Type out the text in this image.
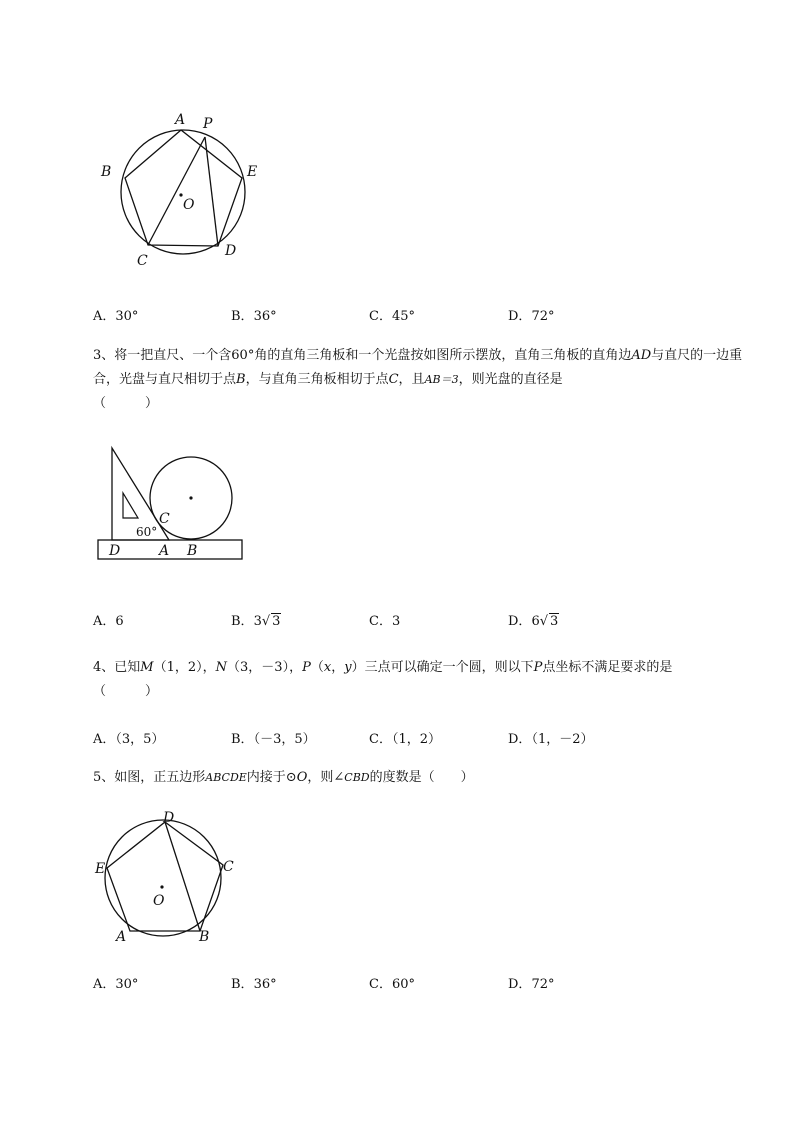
A P
B	E
O
C
D
A．30°	B．36°	C．45°	D．72°
3、将一把直尺、一个含60°角的直角三角板和一个光盘按如图所示摆放，直角三角板的直角边AD与直尺的一边重合，光盘与直尺相切于点B，与直角三角板相切于点C，且AB＝3，则光盘的直径是
（　　　）
60°
C
D	A B
A．6	B．3√ 3	C．3	D．6√ 3
4、已知M（1，2），N（3，－3），P（x，y）三点可以确定一个圆，则以下P点坐标不满足要求的是
（　　　）
A．（3，5）	B．（－3，5）	C．（1，2）	D．（1，－2）
5、如图，正五边形ABCDE内接于⊙O，则∠CBD的度数是（　　）
D
E	C
O
A	B
A．30°	B．36°	C．60°	D．72°
